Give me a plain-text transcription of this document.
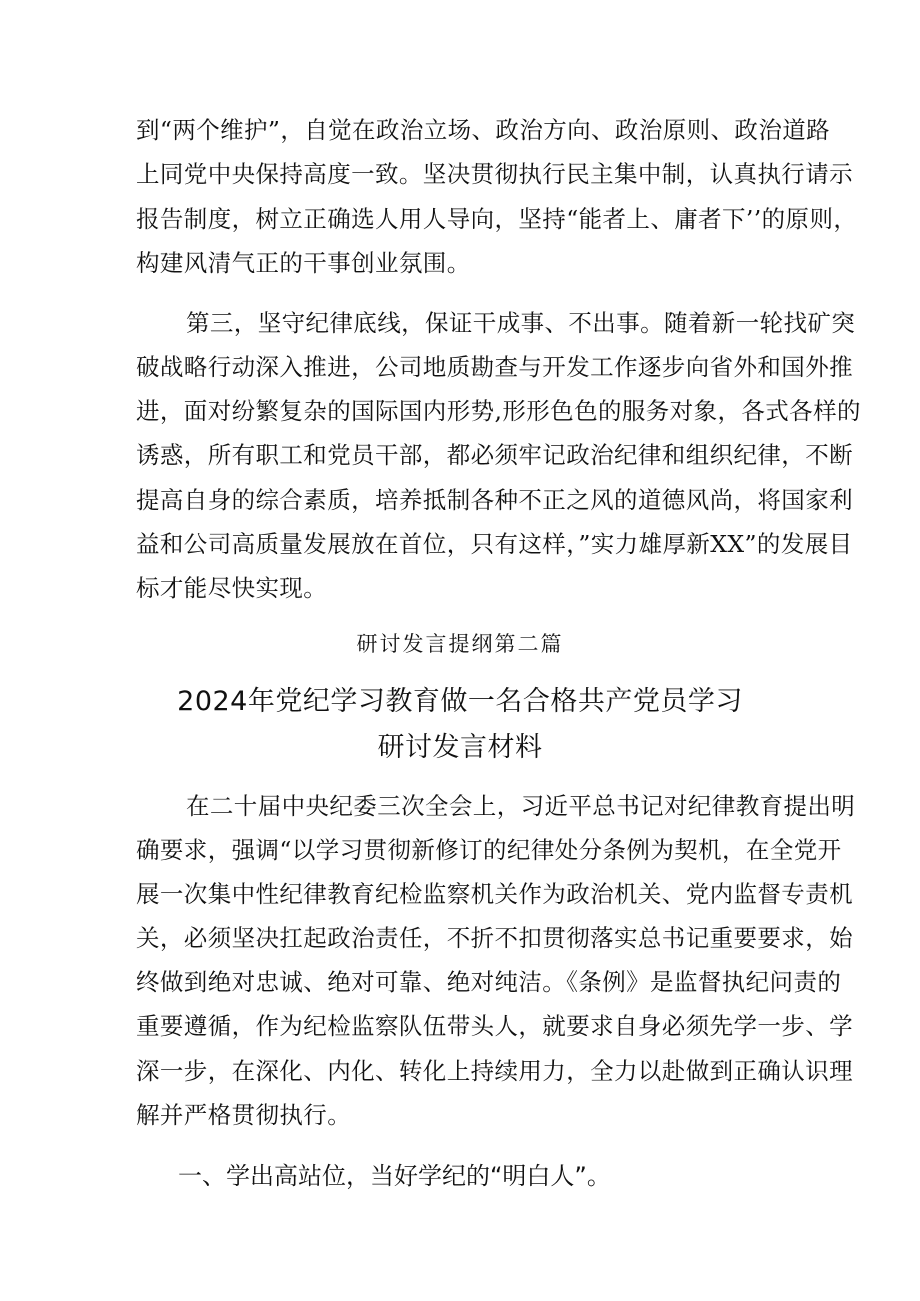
到“两个维护”，自觉在政治立场、政治方向、政治原则、政治道路
上同党中央保持高度一致。坚决贯彻执行民主集中制，认真执行请示
报告制度，树立正确选人用人导向，坚持“能者上、庸者下’’的原则，
构建风清气正的干事创业氛围。
第三，坚守纪律底线，保证干成事、不出事。随着新一轮找矿突
破战略行动深入推进，公司地质勘查与开发工作逐步向省外和国外推
进，面对纷繁复杂的国际国内形势,形形色色的服务对象，各式各样的
诱惑，所有职工和党员干部，都必须牢记政治纪律和组织纪律，不断
提高自身的综合素质，培养抵制各种不正之风的道德风尚，将国家利
益和公司高质量发展放在首位，只有这样，”实力雄厚新XX”的发展目
标才能尽快实现。
研讨发言提纲第二篇
2024年党纪学习教育做一名合格共产党员学习
研讨发言材料
在二十届中央纪委三次全会上，习近平总书记对纪律教育提出明
确要求，强调“以学习贯彻新修订的纪律处分条例为契机，在全党开
展一次集中性纪律教育纪检监察机关作为政治机关、党内监督专责机
关，必须坚决扛起政治责任，不折不扣贯彻落实总书记重要要求，始
终做到绝对忠诚、绝对可靠、绝对纯洁。《条例》是监督执纪问责的
重要遵循，作为纪检监察队伍带头人，就要求自身必须先学一步、学
深一步，在深化、内化、转化上持续用力，全力以赴做到正确认识理
解并严格贯彻执行。
一、学出高站位，当好学纪的“明白人”。
